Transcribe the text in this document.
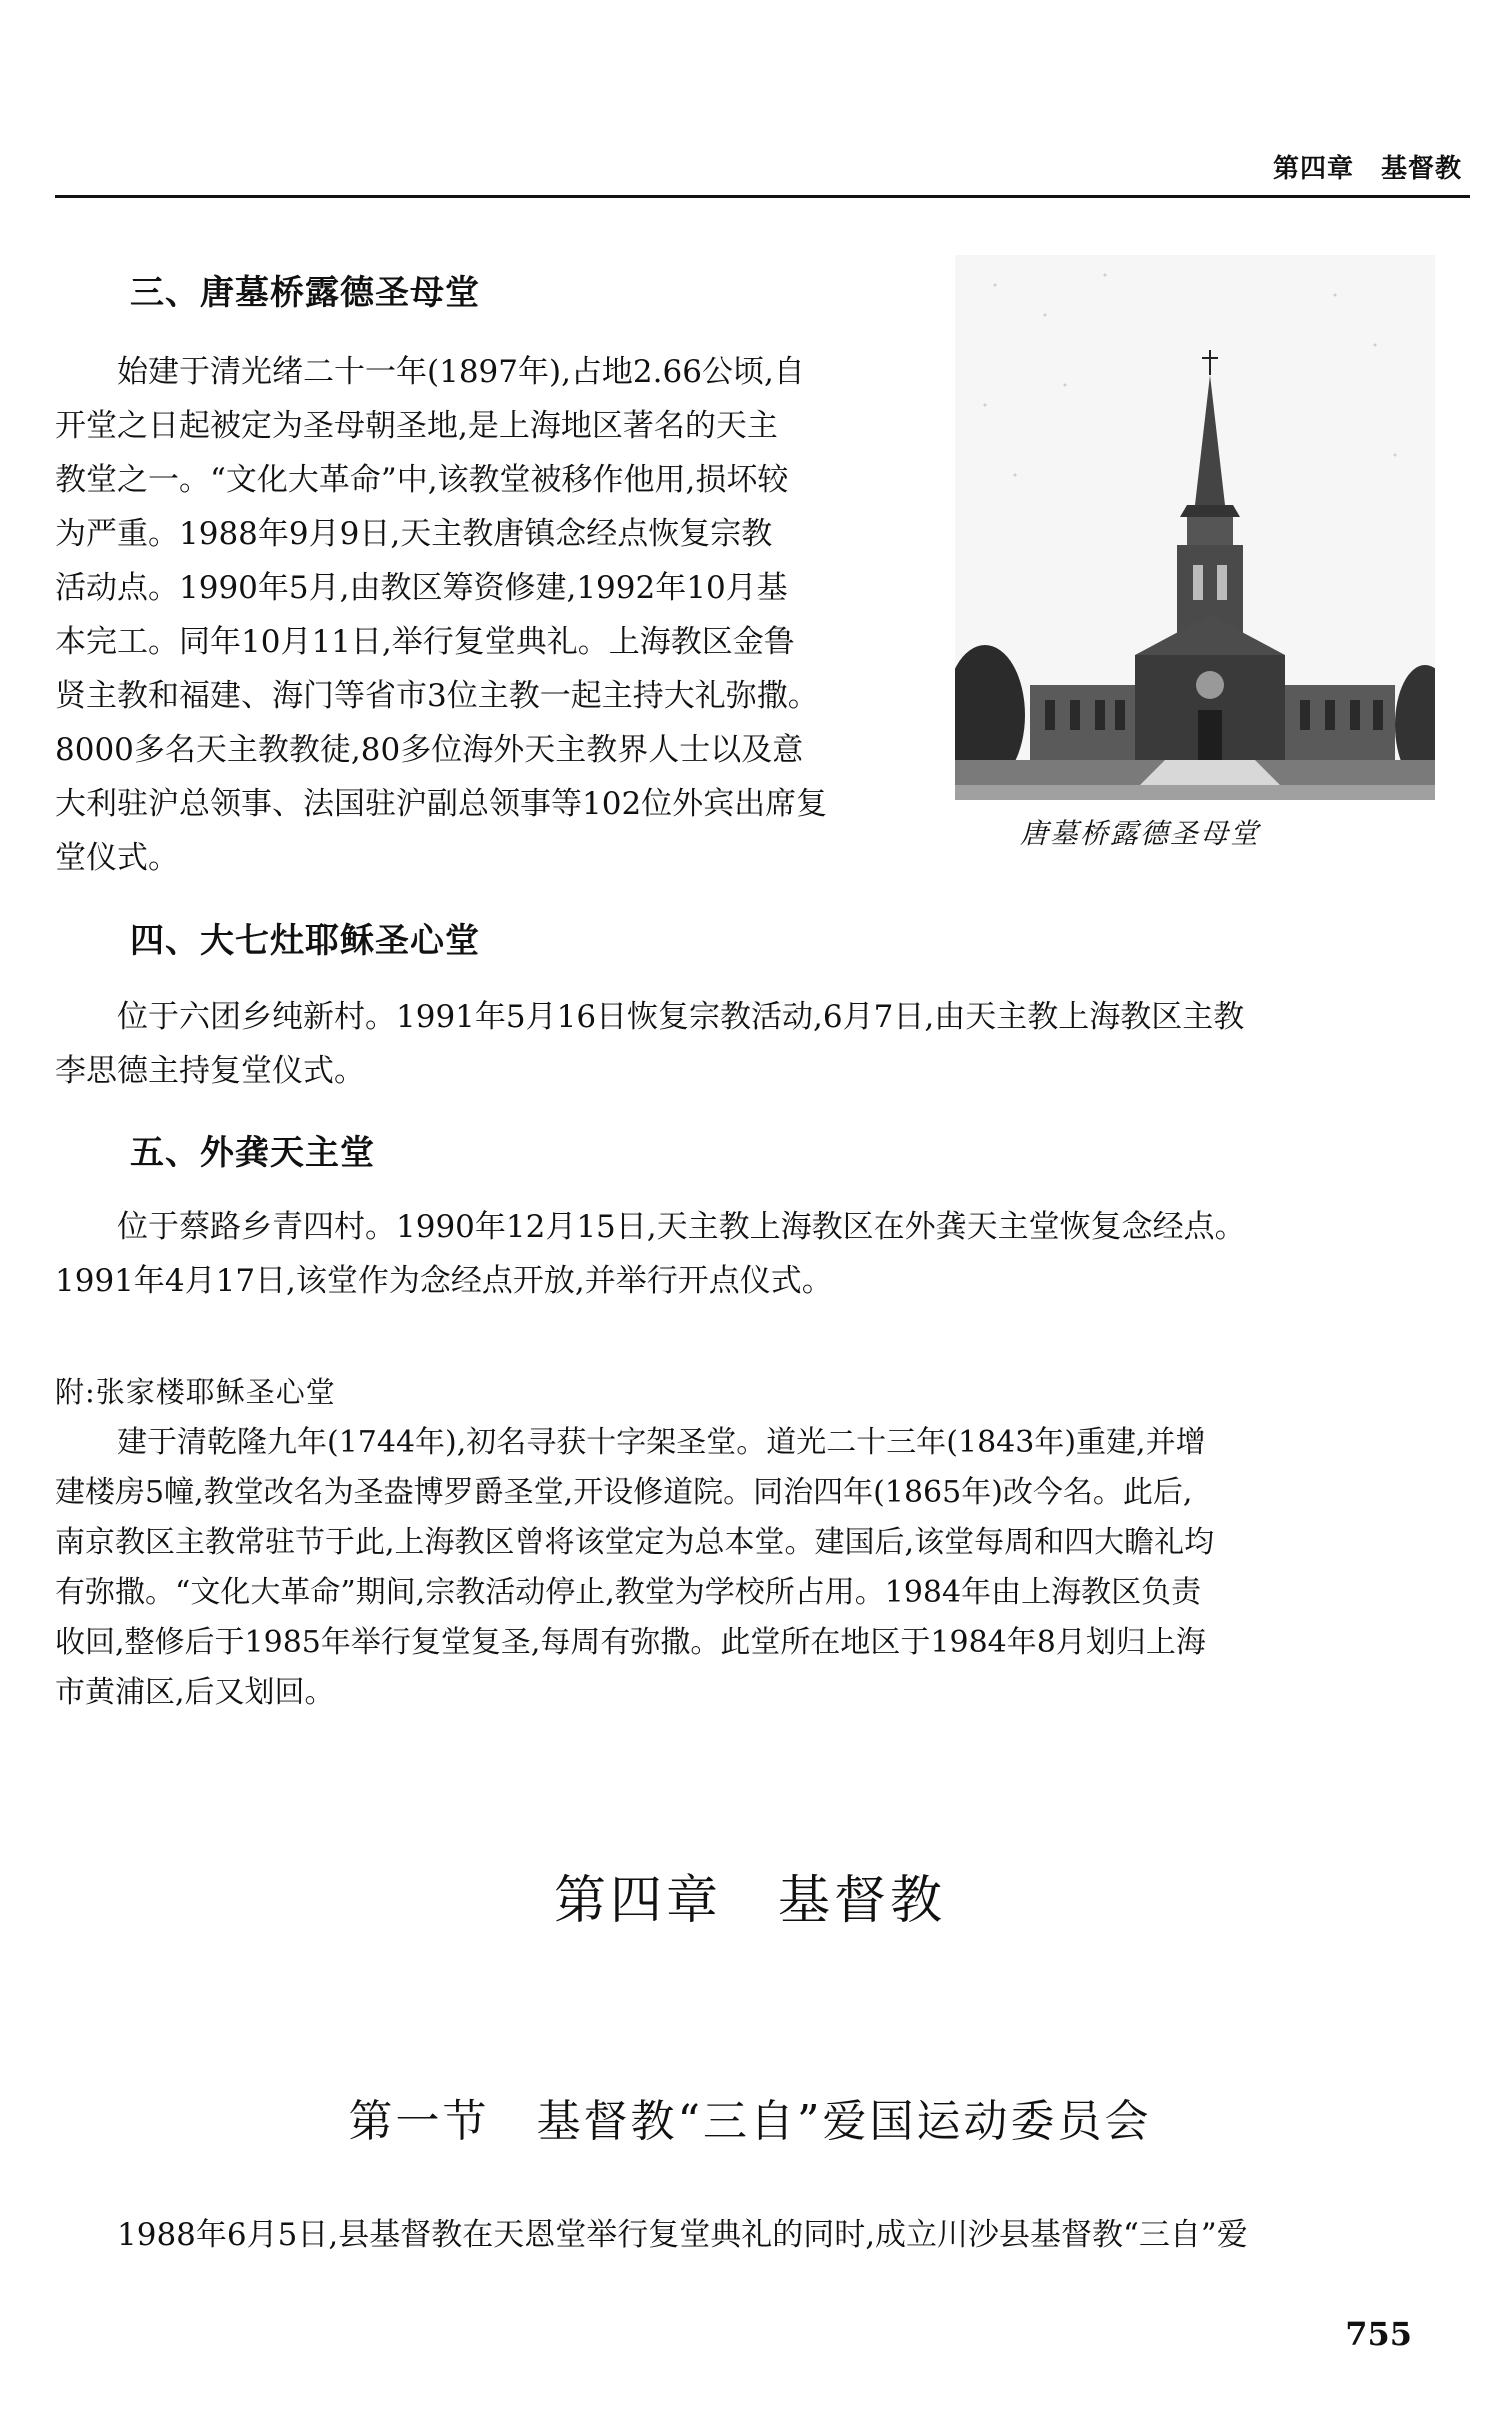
第四章　基督教
三、唐墓桥露德圣母堂
始建于清光绪二十一年(1897年),占地2.66公顷,自
开堂之日起被定为圣母朝圣地,是上海地区著名的天主
教堂之一。“文化大革命”中,该教堂被移作他用,损坏较
为严重。1988年9月9日,天主教唐镇念经点恢复宗教
活动点。1990年5月,由教区筹资修建,1992年10月基
本完工。同年10月11日,举行复堂典礼。上海教区金鲁
贤主教和福建、海门等省市3位主教一起主持大礼弥撒。
8000多名天主教教徒,80多位海外天主教界人士以及意
大利驻沪总领事、法国驻沪副总领事等102位外宾出席复
堂仪式。
唐墓桥露德圣母堂
四、大七灶耶稣圣心堂
位于六团乡纯新村。1991年5月16日恢复宗教活动,6月7日,由天主教上海教区主教
李思德主持复堂仪式。
五、外龚天主堂
位于蔡路乡青四村。1990年12月15日,天主教上海教区在外龚天主堂恢复念经点。
1991年4月17日,该堂作为念经点开放,并举行开点仪式。
附:张家楼耶稣圣心堂
建于清乾隆九年(1744年),初名寻获十字架圣堂。道光二十三年(1843年)重建,并增
建楼房5幢,教堂改名为圣盎博罗爵圣堂,开设修道院。同治四年(1865年)改今名。此后,
南京教区主教常驻节于此,上海教区曾将该堂定为总本堂。建国后,该堂每周和四大瞻礼均
有弥撒。“文化大革命”期间,宗教活动停止,教堂为学校所占用。1984年由上海教区负责
收回,整修后于1985年举行复堂复圣,每周有弥撒。此堂所在地区于1984年8月划归上海
市黄浦区,后又划回。
第四章　基督教
第一节　基督教“三自”爱国运动委员会
1988年6月5日,县基督教在天恩堂举行复堂典礼的同时,成立川沙县基督教“三自”爱
755
